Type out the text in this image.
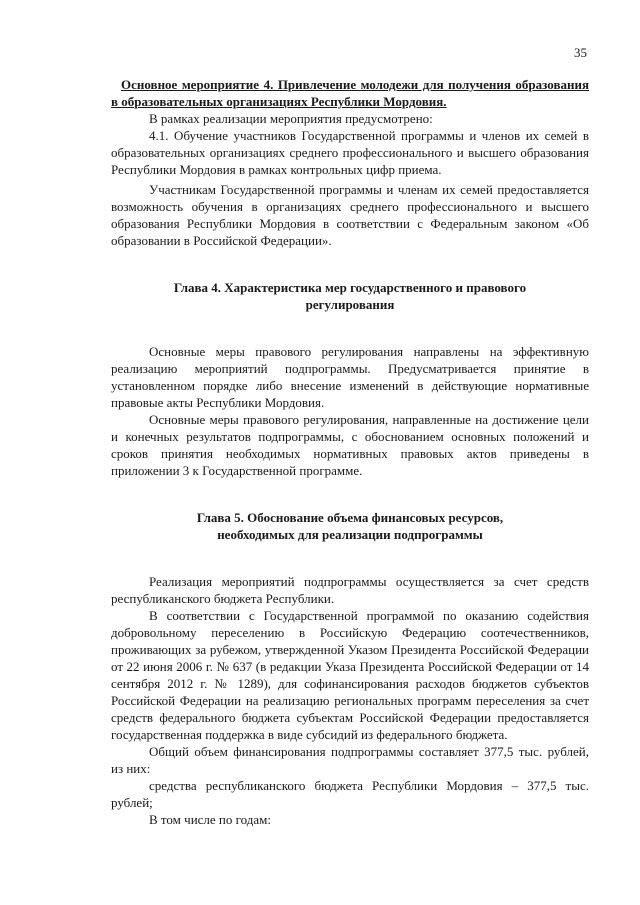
35

Основное мероприятие 4. Привлечение молодежи для получения образования в образовательных организациях Республики Мордовия.

В рамках реализации мероприятия предусмотрено:

4.1. Обучение участников Государственной программы и членов их семей в образовательных организациях среднего профессионального и высшего образования Республики Мордовия в рамках контрольных цифр приема.

Участникам Государственной программы и членам их семей предоставляется возможность обучения в организациях среднего профессионального и высшего образования Республики Мордовия в соответствии с Федеральным законом «Об образовании в Российской Федерации».

Глава 4. Характеристика мер государственного и правового
регулирования

Основные меры правового регулирования направлены на эффективную реализацию мероприятий подпрограммы. Предусматривается принятие в установленном порядке либо внесение изменений в действующие нормативные правовые акты Республики Мордовия.

Основные меры правового регулирования, направленные на достижение цели и конечных результатов подпрограммы, с обоснованием основных положений и сроков принятия необходимых нормативных правовых актов приведены в приложении 3 к Государственной программе.

Глава 5. Обоснование объема финансовых ресурсов,
необходимых для реализации подпрограммы

Реализация мероприятий подпрограммы осуществляется за счет средств республиканского бюджета Республики.

В соответствии с Государственной программой по оказанию содействия добровольному переселению в Российскую Федерацию соотечественников, проживающих за рубежом, утвержденной Указом Президента Российской Федерации от 22 июня 2006 г. № 637 (в редакции Указа Президента Российской Федерации от 14 сентября 2012 г. № 1289), для софинансирования расходов бюджетов субъектов Российской Федерации на реализацию региональных программ переселения за счет средств федерального бюджета субъектам Российской Федерации предоставляется государственная поддержка в виде субсидий из федерального бюджета.

Общий объем финансирования подпрограммы составляет 377,5 тыс. рублей, из них:

средства республиканского бюджета Республики Мордовия – 377,5 тыс. рублей;

В том числе по годам:
